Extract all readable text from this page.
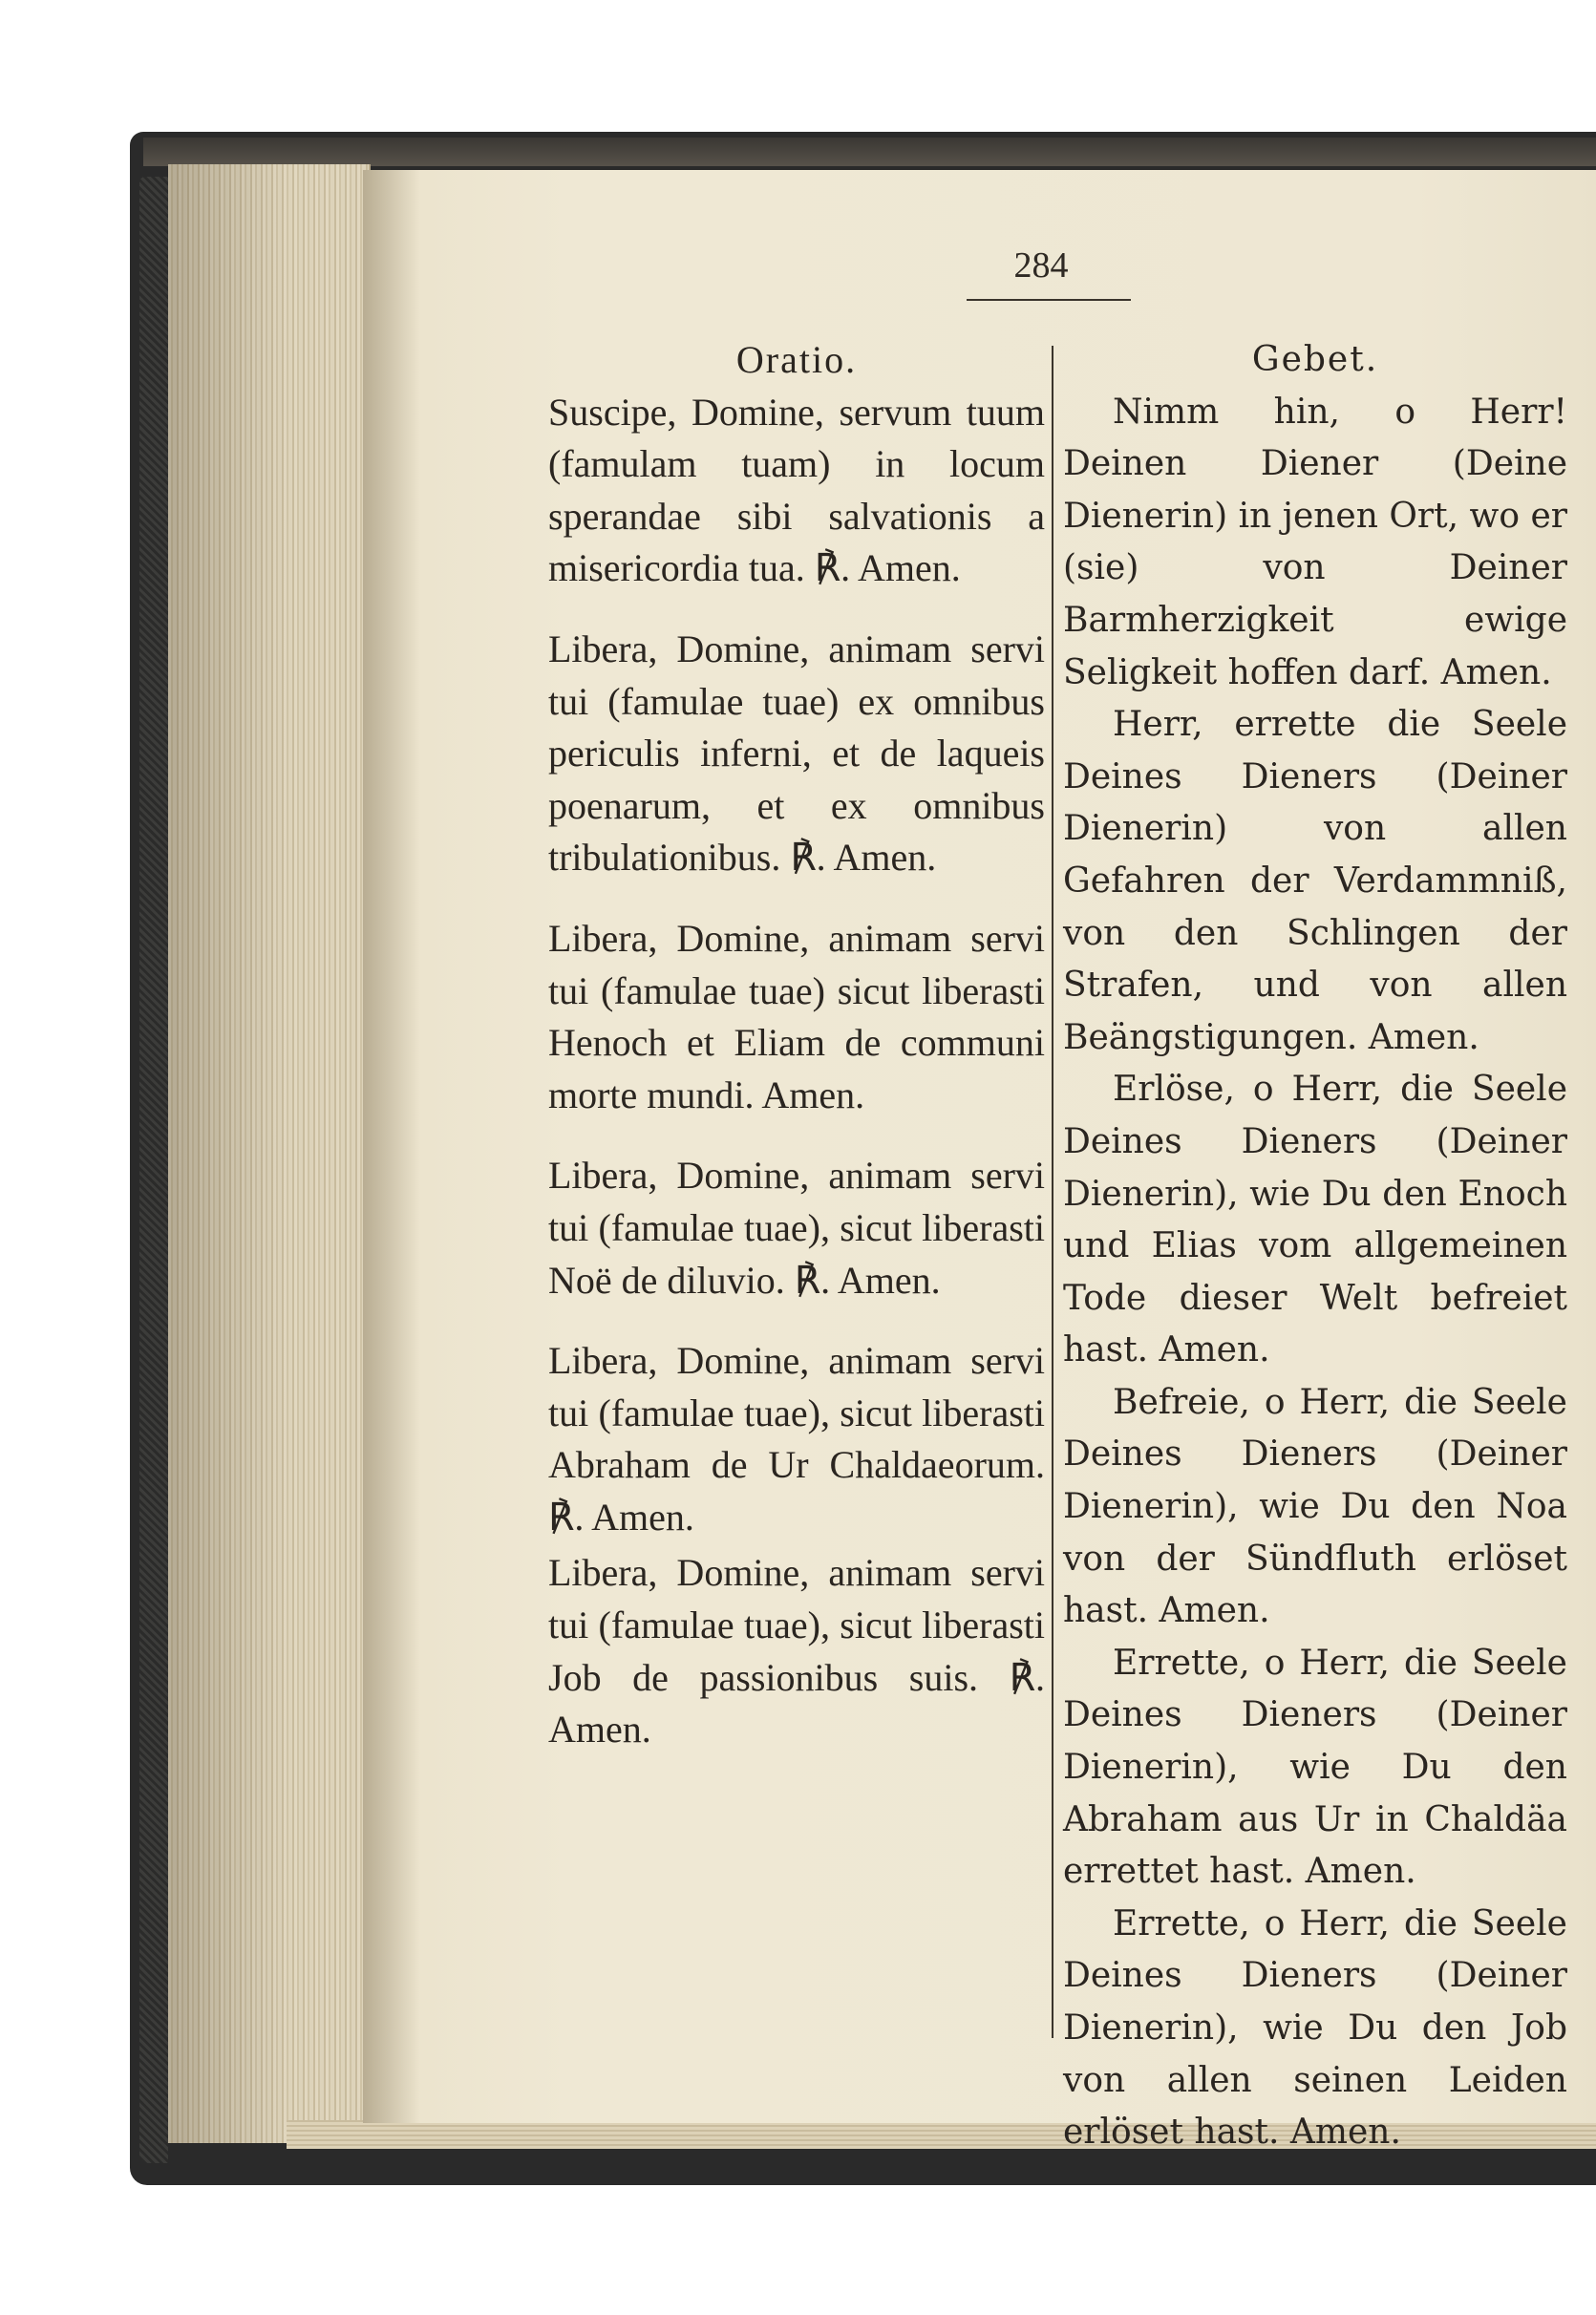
284
Oratio.
Suscipe, Domine, servum tuum (famulam tuam) in locum sperandae sibi salvationis a misericordia tua. ℟. Amen.
Libera, Domine, animam servi tui (famulae tuae) ex omnibus periculis inferni, et de laqueis poenarum, et ex omnibus tribulationibus. ℟. Amen.
Libera, Domine, animam servi tui (famulae tuae) sicut liberasti Henoch et Eliam de communi morte mundi. Amen.
Libera, Domine, animam servi tui (famulae tuae), sicut liberasti Noë de diluvio. ℟. Amen.
Libera, Domine, animam servi tui (famulae tuae), sicut liberasti Abraham de Ur Chaldaeorum. ℟. Amen.
Libera, Domine, animam servi tui (famulae tuae), sicut liberasti Job de passionibus suis. ℟. Amen.
Gebet.
Nimm hin, o Herr! Deinen Diener (Deine Dienerin) in jenen Ort, wo er (sie) von Deiner Barmherzigkeit ewige Seligkeit hoffen darf. Amen.
Herr, errette die Seele Deines Dieners (Deiner Dienerin) von allen Gefahren der Verdammniß, von den Schlingen der Strafen, und von allen Beängstigungen. Amen.
Erlöse, o Herr, die Seele Deines Dieners (Deiner Dienerin), wie Du den Enoch und Elias vom allgemeinen Tode dieser Welt befreiet hast. Amen.
Befreie, o Herr, die Seele Deines Dieners (Deiner Dienerin), wie Du den Noa von der Sündfluth erlöset hast. Amen.
Errette, o Herr, die Seele Deines Dieners (Deiner Dienerin), wie Du den Abraham aus Ur in Chaldäa errettet hast. Amen.
Errette, o Herr, die Seele Deines Dieners (Deiner Dienerin), wie Du den Job von allen seinen Leiden erlöset hast. Amen.
